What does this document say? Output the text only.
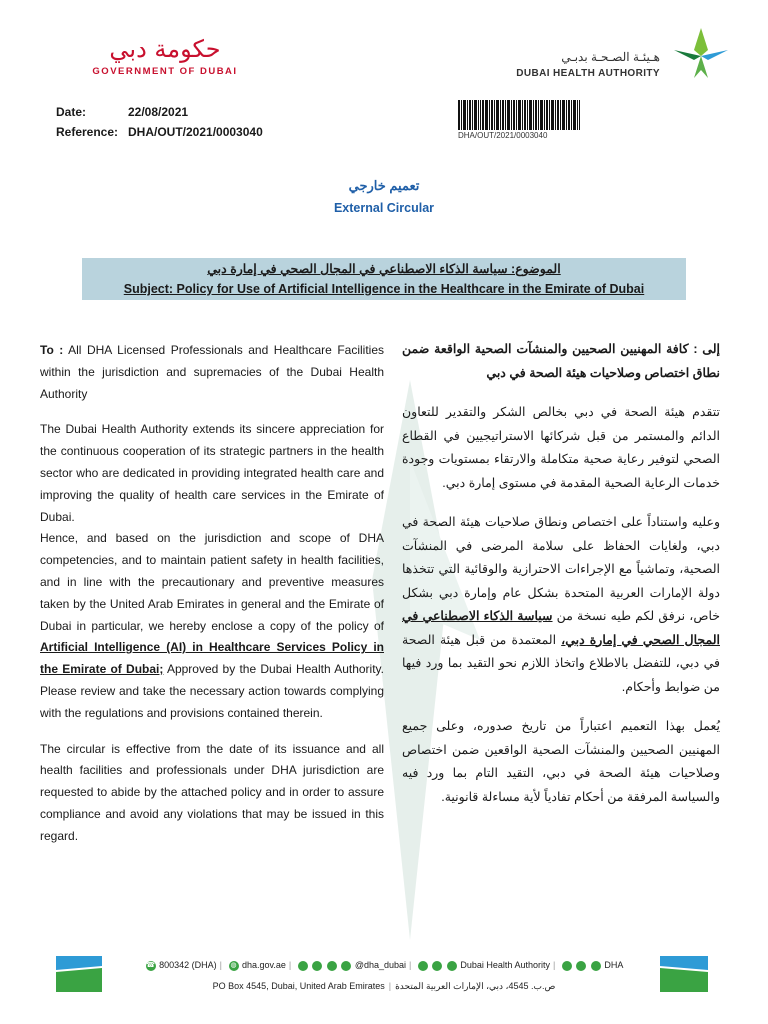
حكومة دبي
GOVERNMENT OF DUBAI
هـيئـة الصـحـة بدبـي
DUBAI HEALTH AUTHORITY
Date:	22/08/2021
Reference: DHA/OUT/2021/0003040	DHA/OUT/2021/0003040
تعميم خارجي
External Circular
الموضوع: سياسة الذكاء الاصطناعي في المجال الصحي في إمارة دبي
Subject: Policy for Use of Artificial Intelligence in the Healthcare in the Emirate of Dubai

To : All DHA Licensed Professionals and Healthcare Facilities within the jurisdiction and supremacies of the Dubai Health Authority

The Dubai Health Authority extends its sincere appreciation for the continuous cooperation of its strategic partners in the health sector who are dedicated in providing integrated health care and improving the quality of health care services in the Emirate of Dubai.

Hence, and based on the jurisdiction and scope of DHA competencies, and to maintain patient safety in health facilities, and in line with the precautionary and preventive measures taken by the United Arab Emirates in general and the Emirate of Dubai in particular, we hereby enclose a copy of the policy of Artificial Intelligence (AI) in Healthcare Services Policy in the Emirate of Dubai; Approved by the Dubai Health Authority. Please review and take the necessary action towards complying with the regulations and provisions contained therein.

The circular is effective from the date of its issuance and all health facilities and professionals under DHA jurisdiction are requested to abide by the attached policy and in order to assure compliance and avoid any violations that may be issued in this regard.

إلى : كافة المهنيين الصحيين والمنشآت الصحية الواقعة ضمن نطاق اختصاص وصلاحيات هيئة الصحة في دبي

تتقدم هيئة الصحة في دبي بخالص الشكر والتقدير للتعاون الدائم والمستمر من قبل شركائها الاستراتيجيين في القطاع الصحي لتوفير رعاية صحية متكاملة والارتقاء بمستويات وجودة خدمات الرعاية الصحية المقدمة في مستوى إمارة دبي.

وعليه واستناداً على اختصاص ونطاق صلاحيات هيئة الصحة في دبي، ولغايات الحفاظ على سلامة المرضى في المنشآت الصحية، وتماشياً مع الإجراءات الاحترازية والوقائية التي تتخذها دولة الإمارات العربية المتحدة بشكل عام وإمارة دبي بشكل خاص، نرفق لكم طيه نسخة من سياسة الذكاء الاصطناعي في المجال الصحي في إمارة دبي، المعتمدة من قبل هيئة الصحة في دبي، للتفضل بالاطلاع واتخاذ اللازم نحو التقيد بما ورد فيها من ضوابط وأحكام.

يُعمل بهذا التعميم اعتباراً من تاريخ صدوره، وعلى جميع المهنيين الصحيين والمنشآت الصحية الواقعين ضمن اختصاص وصلاحيات هيئة الصحة في دبي، التقيد التام بما ورد فيه والسياسة المرفقة من أحكام تفادياً لأية مساءلة قانونية.

☎ 800342 (DHA) | ◍ dha.gov.ae |	@dha_dubai |	Dubai Health Authority |	DHA
PO Box 4545, Dubai, United Arab Emirates | ص.ب. 4545، دبي، الإمارات العربية المتحدة
